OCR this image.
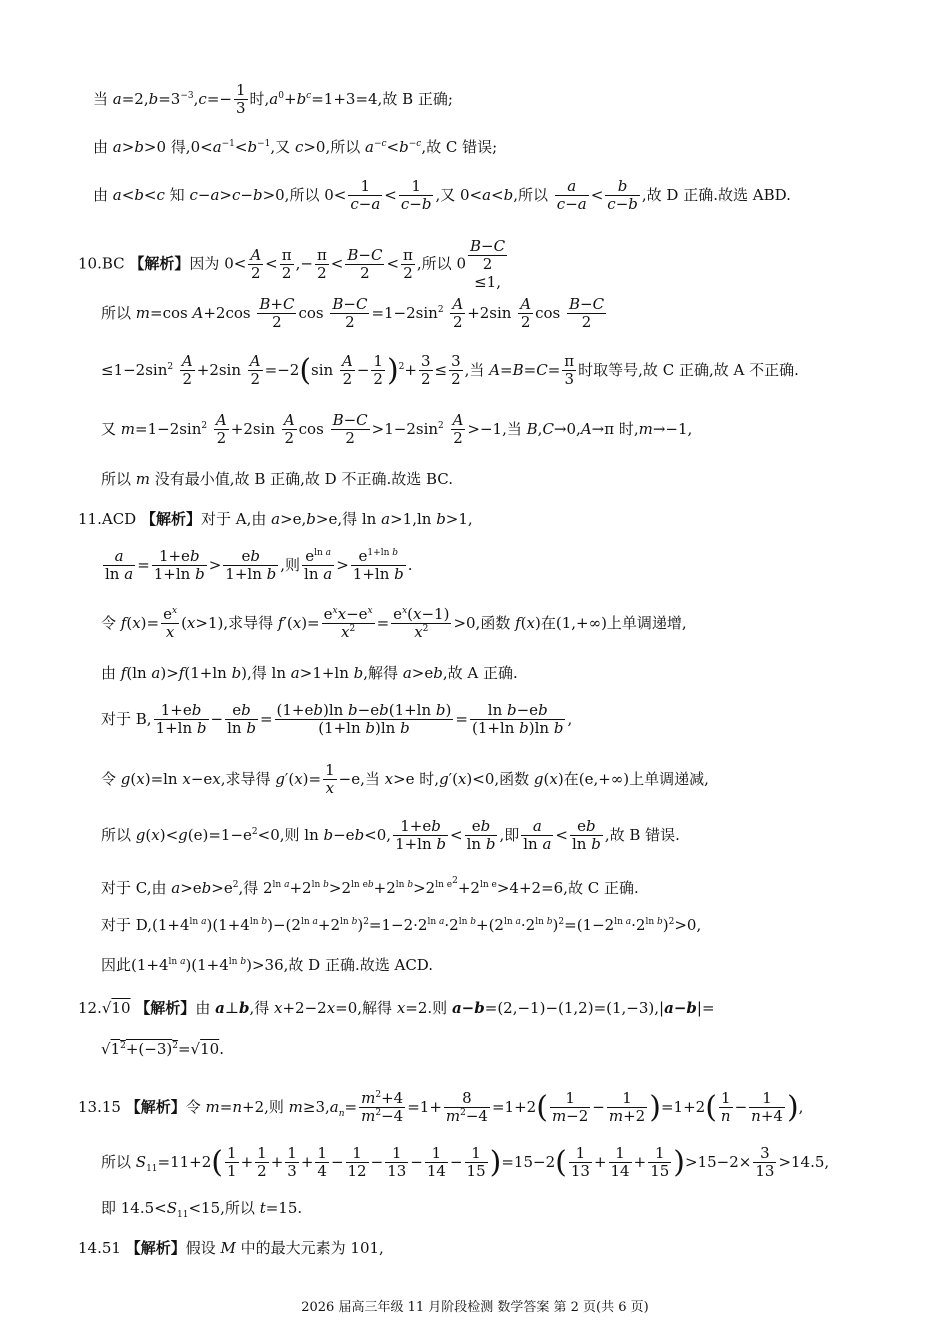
当 $a=2,b=3^{-3},c=- \frac{1}{3}$ 时$,a^0+b^c=1+3=4$,故 B 正确;
由 a>b>0 得$,0<a^{-1}<b^{-1}$,又 c>0,所以 $a^{-c}<b^{-c}$,故 C 错误;
由 a<b<c 知 c−a>c−b>0,所以 $0< \frac{1}{c-a} < \frac{1}{c-b}$ ,又 0<a<b,所以 $\frac{a}{c-a} < \frac{b}{c-b}$ ,故 D 正确.故选 ABD.
10.BC 【解析】因为 $0< \frac{A}{2} < \frac{\pi}{2}$ ,− $\frac{\pi}{2} < \frac{B-C}{2} < \frac{\pi}{2}$ ,所以 0
B−C
2
≤1,
所以 m=cos $A+2\cos \frac{B+C}{2}$ $\cos \frac{B-C}{2} =1-2\sin^2 \frac{A}{2} +2\sin \frac{A}{2}$ $\cos \frac{B-C}{2}$
$\le 1-2\sin^2 \frac{A}{2} +2\sin \frac{A}{2} =-2(\sin \frac{A}{2} - \frac{1}{2} )^2+ \frac{3}{2} \le \frac{3}{2}$ ,当 $A=B=C= \frac{\pi}{3}$ 时取等号,故 C 正确,故 A 不正确.
又 $m=1-2\sin^2 \frac{A}{2} +2\sin \frac{A}{2}$ $\cos \frac{B-C}{2} >1-2\sin^2 \frac{A}{2} >-1$,当 B,C→0,A→π 时,m→−1,
所以 m 没有最小值,故 B 正确,故 D 不正确.故选 BC.
11.ACD 【解析】对于 A,由 a>e,b>e,得 ln a>1,ln b>1,
$\frac{a}{\text{ln a}} = \frac{1+eb}{\text{1+ln b}} > \frac{eb}{\text{1+ln b}}$ ,则 $\frac{e^{ln a}}{\text{ln a}} > \frac{e^{1+ln b}}{\text{1+ln b}}$ .
令 $f(x)= \frac{e^x}{x} (x>1)$,求导得 $f'(x)= \frac{e^xx-e^x}{x^2} = \frac{e^x(x-1)}{x^2} >0$,函数 f(x)在(1,+∞)上单调递增,
由 f(ln a)>f(1+ln b),得 ln a>1+ln b,解得 a>eb,故 A 正确.
对于 B, $\frac{1+eb}{\text{1+ln b}} - \frac{eb}{\text{ln b}} = \frac{\text{(1+eb)ln b−eb(1+ln b)}}{\text{(1+ln b)ln b}} = \frac{\text{ln b−eb}}{\text{(1+ln b)ln b}}$ ,
令 g(x)=ln x−ex,求导得 $g'(x)= \frac{1}{x} -e$,当 x>e 时,g′(x)<0,函数 g(x)在(e,+∞)上单调递减,
所以 $g(x)<g(e)=1-e^2<0$,则 ln b−eb<0, $\frac{1+eb}{\text{1+ln b}} < \frac{eb}{\text{ln b}}$ ,即 $\frac{a}{\text{ln a}} < \frac{eb}{\text{ln b}}$ ,故 B 错误.
对于 C,由 $a>eb>e^2$,得 $2^{ln a}+2^{ln b}>2^{ln eb}+2^{ln b}>2^{ln e^2}+2^{ln e}>4+2=6$,故 C 正确.
对于 $D,(1+4^{ln a})(1+4^{ln b})-(2^{ln a}+2^{ln b})^2=1-2\cdot 2^{ln a}\cdot 2^{ln b}+(2^{ln a}\cdot 2^{ln b})^2=(1-2^{ln a}\cdot 2^{ln b})^2>0$,
因此$(1+4^{ln a})(1+4^{ln b})>36$,故 D 正确.故选 ACD.
12.√10 【解析】由 a⊥b,得 x+2−2x=0,解得 x=2.则 a−b=(2,−1)−(1,2)=(1,−3),|a−b|=
$√1^2+(-3)^2=√10$.
13.15 【解析】令 m=n+2,则 $m\ge 3,a_n= \frac{m^2+4}{m^2-4} =1+ \frac{8}{m^2-4} =1+2( \frac{1}{m-2} - \frac{1}{m+2} )=1+2( \frac{1}{n} - \frac{1}{n+4}$ ),
所以 $S_{11}=11+2( \frac{1}{1} + \frac{1}{2} + \frac{1}{3} + \frac{1}{4} - \frac{1}{12} - \frac{1}{13} - \frac{1}{14} - \frac{1}{15} )=15-2( \frac{1}{13} + \frac{1}{14} + \frac{1}{15} )>15-2\times \frac{3}{13} >14.5$,
即 $14.5<S_{11}<15$,所以 t=15.
14.51 【解析】假设 M 中的最大元素为 101,
2026 届高三年级 11 月阶段检测 数学答案 第 2 页(共 6 页)
